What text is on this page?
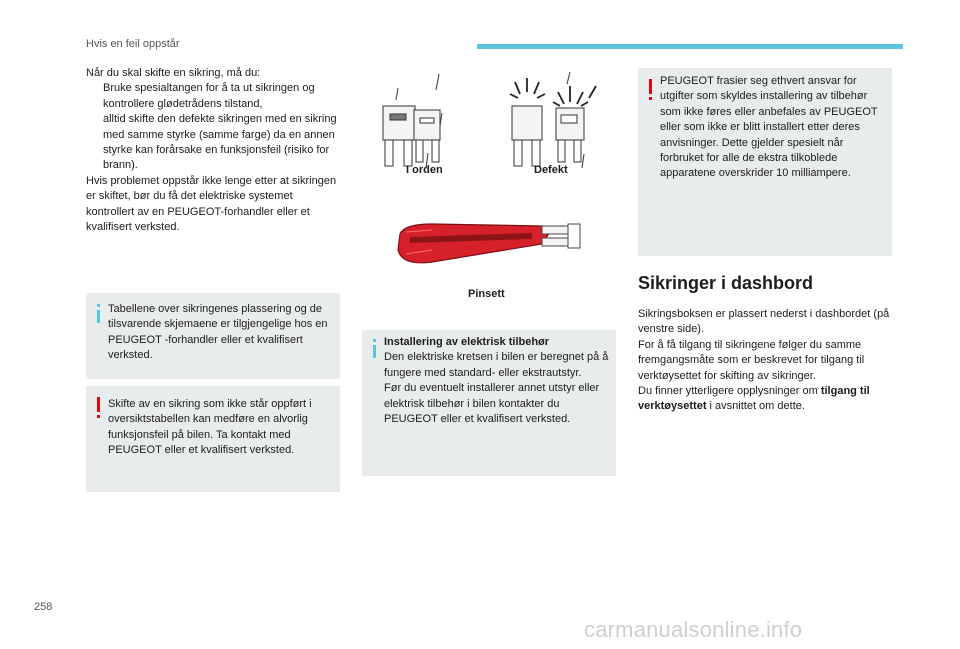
Hvis en feil oppstår
Når du skal skifte en sikring, må du:
Bruke spesialtangen for å ta ut sikringen og kontrollere glødetrådens tilstand,
alltid skifte den defekte sikringen med en sikring med samme styrke (samme farge) da en annen styrke kan forårsake en funksjonsfeil (risiko for brann).
Hvis problemet oppstår ikke lenge etter at sikringen er skiftet, bør du få det elektriske systemet kontrollert av en PEUGEOT-forhandler eller et kvalifisert verksted.
Tabellene over sikringenes plassering og de tilsvarende skjemaene er tilgjengelige hos en PEUGEOT -forhandler eller et kvalifisert verksted.
Skifte av en sikring som ikke står oppført i oversiktstabellen kan medføre en alvorlig funksjonsfeil på bilen. Ta kontakt med PEUGEOT eller et kvalifisert verksted.
I orden	Defekt
Pinsett
Installering av elektrisk tilbehør
Den elektriske kretsen i bilen er beregnet på å fungere med standard- eller ekstrautstyr.
Før du eventuelt installerer annet utstyr eller elektrisk tilbehør i bilen kontakter du PEUGEOT eller et kvalifisert verksted.
PEUGEOT frasier seg ethvert ansvar for utgifter som skyldes installering av tilbehør som ikke føres eller anbefales av PEUGEOT eller som ikke er blitt installert etter deres anvisninger. Dette gjelder spesielt når forbruket for alle de ekstra tilkoblede apparatene overskrider 10 milliampere.
Sikringer i dashbord
Sikringsboksen er plassert nederst i dashbordet (på venstre side).
For å få tilgang til sikringene følger du samme fremgangsmåte som er beskrevet for tilgang til verktøysettet for skifting av sikringer.
Du finner ytterligere opplysninger om tilgang til verktøysettet i avsnittet om dette.
258
carmanualsonline.info
